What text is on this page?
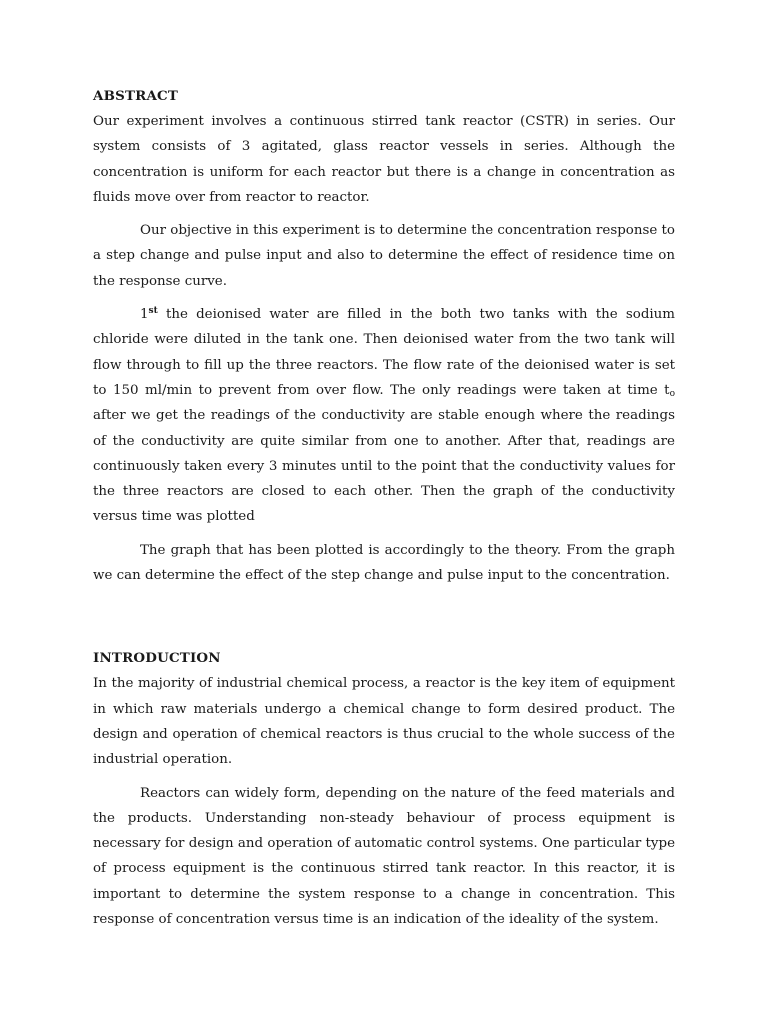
ABSTRACT

Our experiment involves a continuous stirred tank reactor (CSTR) in series. Our system consists of 3 agitated, glass reactor vessels in series. Although the concentration is uniform for each reactor but there is a change in concentration as fluids move over from reactor to reactor.

Our objective in this experiment is to determine the concentration response to a step change and pulse input and also to determine the effect of residence time on the response curve.

1st the deionised water are filled in the both two tanks with the sodium chloride were diluted in the tank one. Then deionised water from the two tank will flow through to fill up the three reactors. The flow rate of the deionised water is set to 150 ml/min to prevent from over flow. The only readings were taken at time $t_o$ after we get the readings of the conductivity are stable enough where the readings of the conductivity are quite similar from one to another. After that, readings are continuously taken every 3 minutes until to the point that the conductivity values for the three reactors are closed to each other. Then the graph of the conductivity versus time was plotted

The graph that has been plotted is accordingly to the theory. From the graph we can determine the effect of the step change and pulse input to the concentration.

INTRODUCTION

In the majority of industrial chemical process, a reactor is the key item of equipment in which raw materials undergo a chemical change to form desired product. The design and operation of chemical reactors is thus crucial to the whole success of the industrial operation.

Reactors can widely form, depending on the nature of the feed materials and the products. Understanding non-steady behaviour of process equipment is necessary for design and operation of automatic control systems. One particular type of process equipment is the continuous stirred tank reactor. In this reactor, it is important to determine the system response to a change in concentration. This response of concentration versus time is an indication of the ideality of the system.
